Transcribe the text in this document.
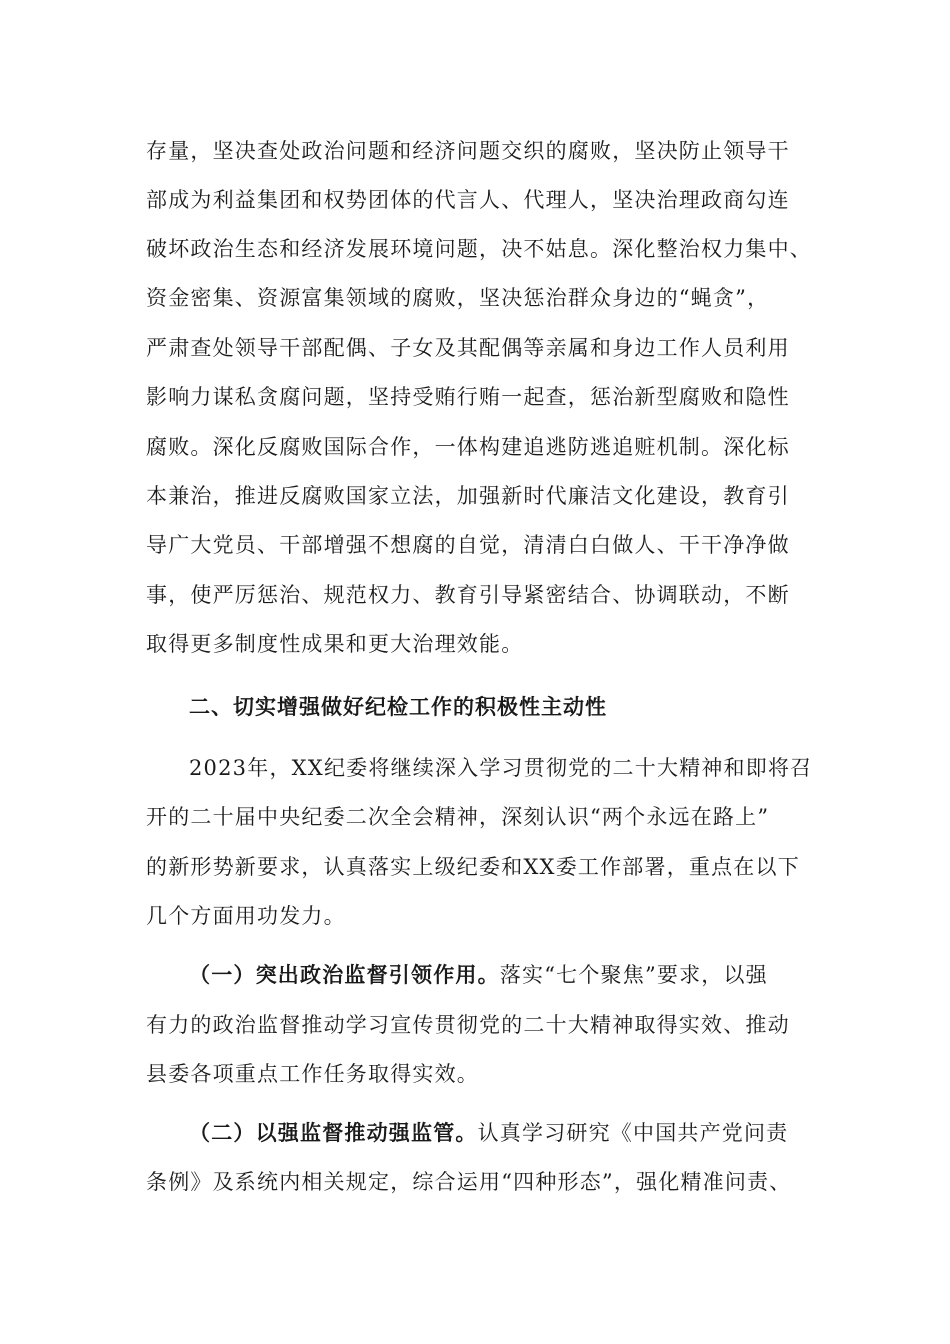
存量，坚决查处政治问题和经济问题交织的腐败，坚决防止领导干
部成为利益集团和权势团体的代言人、代理人，坚决治理政商勾连
破坏政治生态和经济发展环境问题，决不姑息。深化整治权力集中、
资金密集、资源富集领域的腐败，坚决惩治群众身边的“蝇贪”，
严肃查处领导干部配偶、子女及其配偶等亲属和身边工作人员利用
影响力谋私贪腐问题，坚持受贿行贿一起查，惩治新型腐败和隐性
腐败。深化反腐败国际合作，一体构建追逃防逃追赃机制。深化标
本兼治，推进反腐败国家立法，加强新时代廉洁文化建设，教育引
导广大党员、干部增强不想腐的自觉，清清白白做人、干干净净做
事，使严厉惩治、规范权力、教育引导紧密结合、协调联动，不断
取得更多制度性成果和更大治理效能。
二、切实增强做好纪检工作的积极性主动性
2023年，XX纪委将继续深入学习贯彻党的二十大精神和即将召
开的二十届中央纪委二次全会精神，深刻认识“两个永远在路上”
的新形势新要求，认真落实上级纪委和XX委工作部署，重点在以下
几个方面用功发力。
（一）突出政治监督引领作用。落实“七个聚焦”要求，以强
有力的政治监督推动学习宣传贯彻党的二十大精神取得实效、推动
县委各项重点工作任务取得实效。
（二）以强监督推动强监管。认真学习研究《中国共产党问责
条例》及系统内相关规定，综合运用“四种形态”，强化精准问责、
